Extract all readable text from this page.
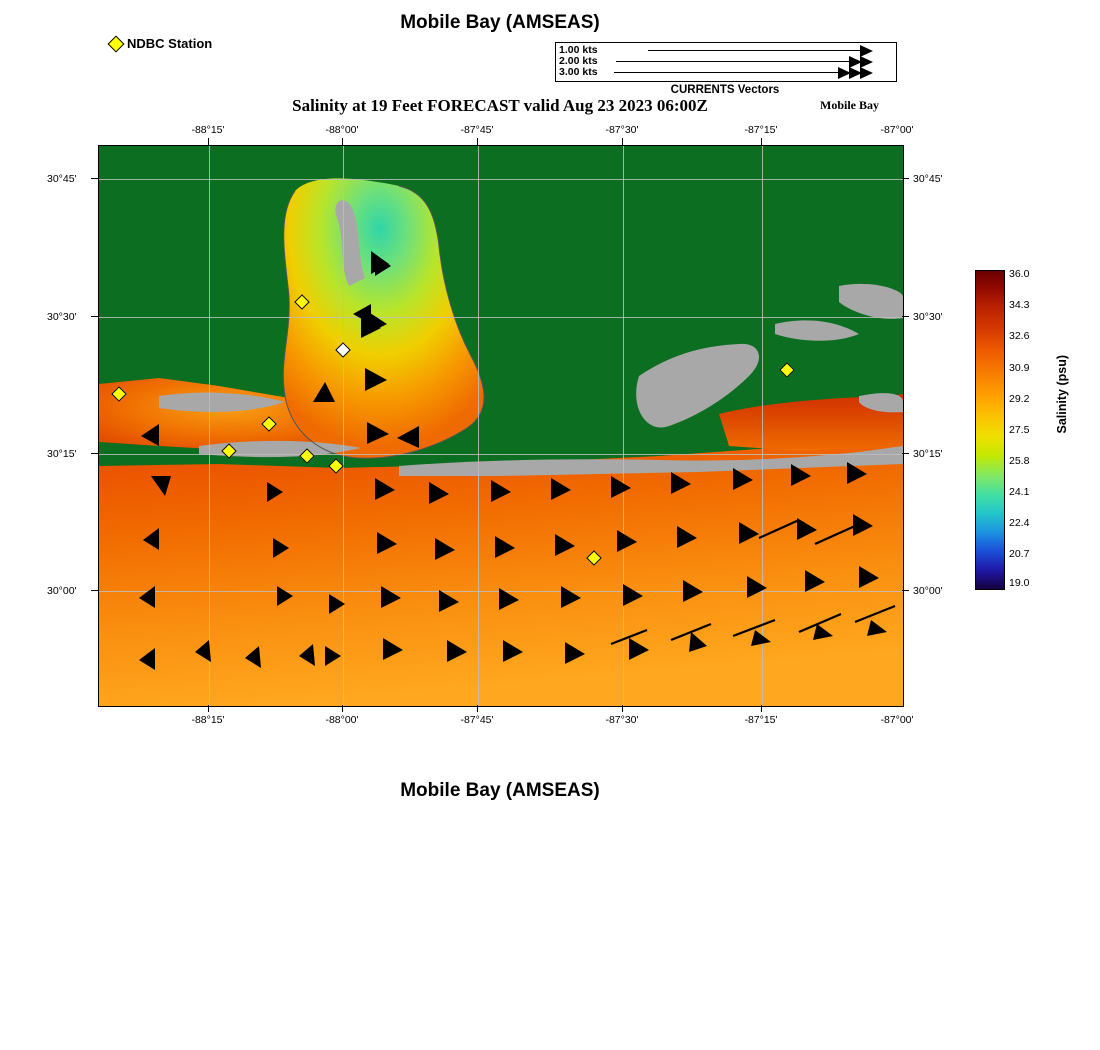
Mobile Bay (AMSEAS)
NDBC Station	1.00 kts
2.00 kts
3.00 kts
CURRENTS Vectors
Salinity at 19 Feet FORECAST valid Aug 23 2023 06:00Z	Mobile Bay
-88°15'	-88°00'	-87°45'	-87°30'	-87°15'	-87°00'
-88°15'	-88°00'	-87°45'	-87°30'	-87°15'	-87°00'
30°45'
30°30'
30°15'
30°00'
30°45'
30°30'
30°15'
30°00'
36.0
34.3
32.6
30.9
29.2
27.5
25.8
24.1
22.4
20.7
19.0
Salinity (psu)
Mobile Bay (AMSEAS)
